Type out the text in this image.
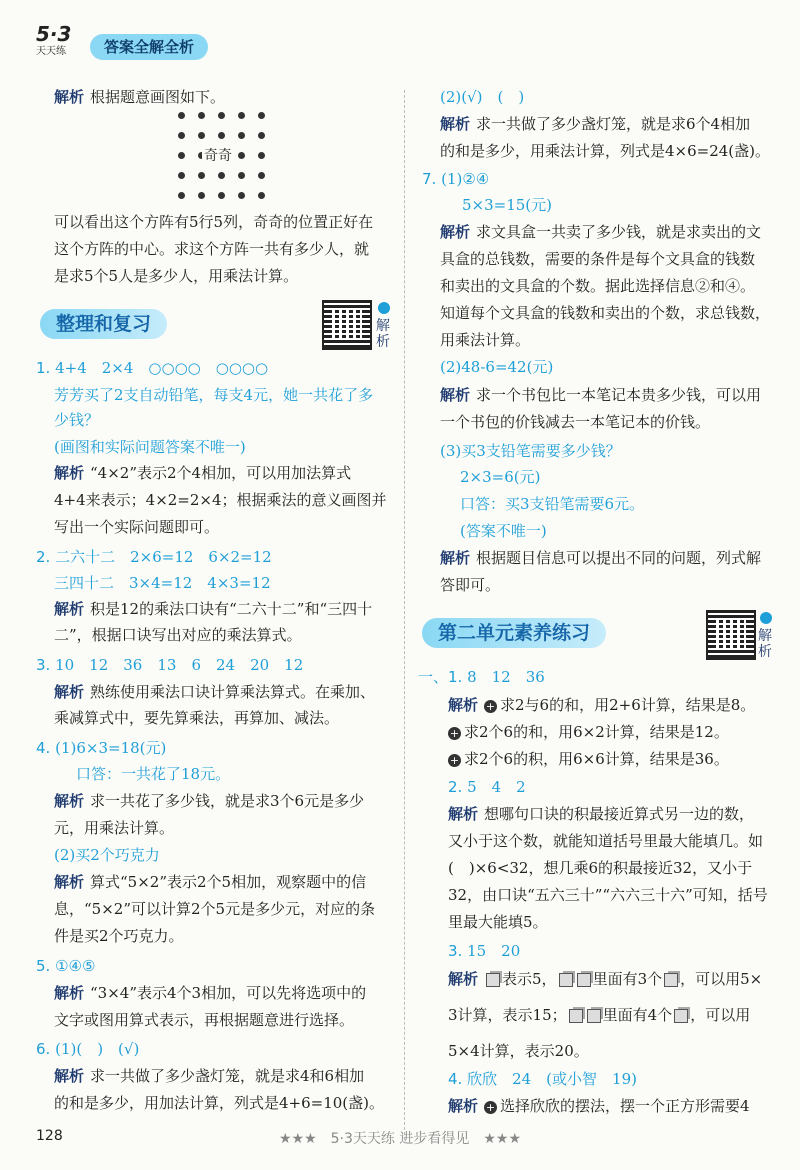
5·3
天天练	答案全解全析
解析 根据题意画图如下。
奇奇
可以看出这个方阵有5行5列，奇奇的位置正好在
这个方阵的中心。求这个方阵一共有多少人，就
是求5个5人是多少人，用乘法计算。
整理和复习	解析
1. 4+4　2×4　○○○○　○○○○
芳芳买了2支自动铅笔，每支4元，她一共花了多
少钱？
(画图和实际问题答案不唯一)
解析 “4×2”表示2个4相加，可以用加法算式
4+4来表示；4×2=2×4；根据乘法的意义画图并
写出一个实际问题即可。
2. 二六十二　2×6=12　6×2=12
三四十二　3×4=12　4×3=12
解析 积是12的乘法口诀有“二六十二”和“三四十
二”，根据口诀写出对应的乘法算式。
3. 10　12　36　13　6　24　20　12
解析 熟练使用乘法口诀计算乘法算式。在乘加、
乘减算式中，要先算乘法，再算加、减法。
4. (1)6×3=18(元)
口答：一共花了18元。
解析 求一共花了多少钱，就是求3个6元是多少
元，用乘法计算。
(2)买2个巧克力
解析 算式“5×2”表示2个5相加，观察题中的信
息，“5×2”可以计算2个5元是多少元，对应的条
件是买2个巧克力。
5. ①④⑤
解析 “3×4”表示4个3相加，可以先将选项中的
文字或图用算式表示，再根据题意进行选择。
6. (1)(　)　(√)
解析 求一共做了多少盏灯笼，就是求4和6相加
的和是多少，用加法计算，列式是4+6=10(盏)。
(2)(√)　(　)
解析 求一共做了多少盏灯笼，就是求6个4相加
的和是多少，用乘法计算，列式是4×6=24(盏)。
7. (1)②④
5×3=15(元)
解析 求文具盒一共卖了多少钱，就是求卖出的文
具盒的总钱数，需要的条件是每个文具盒的钱数
和卖出的文具盒的个数。据此选择信息②和④。
知道每个文具盒的钱数和卖出的个数，求总钱数，
用乘法计算。
(2)48-6=42(元)
解析 求一个书包比一本笔记本贵多少钱，可以用
一个书包的价钱减去一本笔记本的价钱。
(3)买3支铅笔需要多少钱？
2×3=6(元)
口答：买3支铅笔需要6元。
(答案不唯一)
解析 根据题目信息可以提出不同的问题，列式解
答即可。
第二单元素养练习	解析
一、1. 8　12　36
解析 + 求2与6的和，用2+6计算，结果是8。
+ 求2个6的和，用6×2计算，结果是12。
+ 求2个6的积，用6×6计算，结果是36。
2. 5　4　2
解析 想哪句口诀的积最接近算式另一边的数，
又小于这个数，就能知道括号里最大能填几。如
(　)×6<32，想几乘6的积最接近32，又小于
32，由口诀“五六三十”“六六三十六”可知，括号
里最大能填5。
3. 15　20
解析 表示5， 里面有3个 ，可以用5×
3计算，表示15； 里面有4个 ，可以用
5×4计算，表示20。
4. 欣欣　24　(或小智　19)
解析 + 选择欣欣的摆法，摆一个正方形需要4
128	★★★　5·3天天练 进步看得见　★★★
